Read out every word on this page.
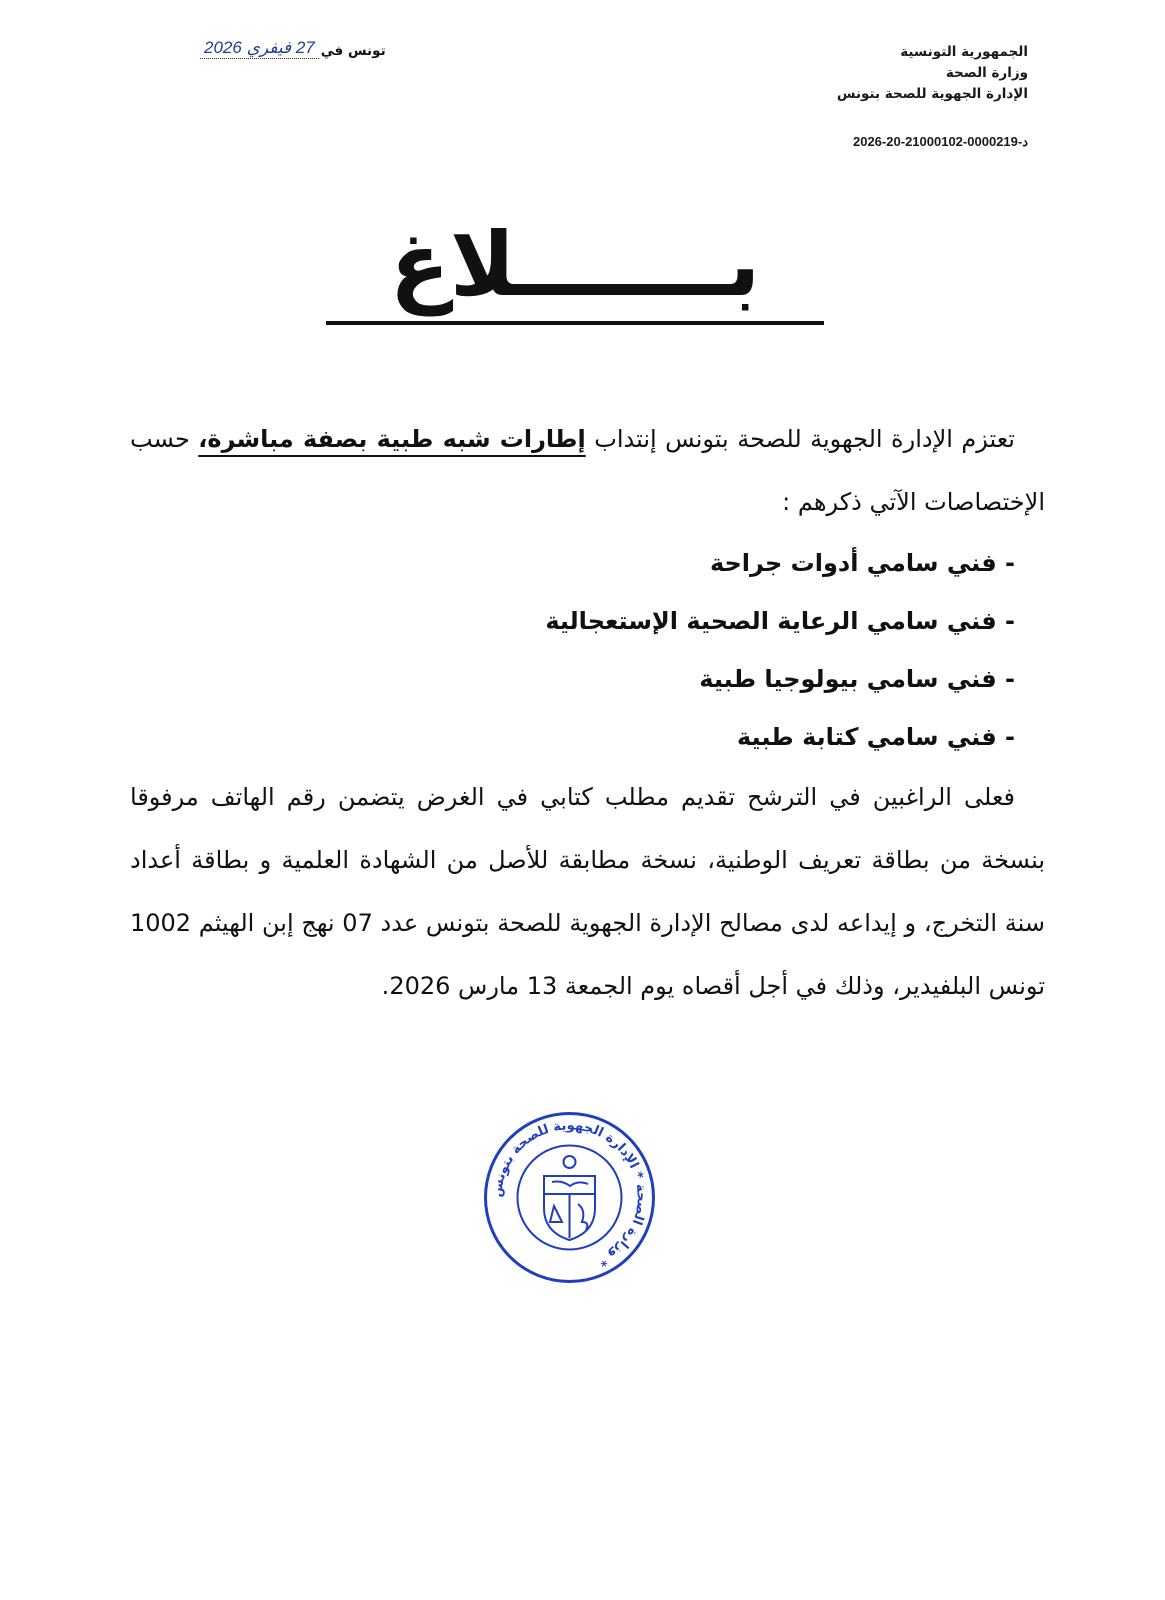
الجمهورية التونسية
وزارة الصحة
الإدارة الجهوية للصحة بتونس
د-0000219-21000102-20-2026
تونس في
27 فيفري 2026
بـــــــلاغ

تعتزم الإدارة الجهوية للصحة بتونس إنتداب إطارات شبه طبية بصفة مباشرة، حسب الإختصاصات الآتي ذكرهم :

- فني سامي أدوات جراحة
- فني سامي الرعاية الصحية الإستعجالية
- فني سامي بيولوجيا طبية
- فني سامي كتابة طبية

فعلى الراغبين في الترشح تقديم مطلب كتابي في الغرض يتضمن رقم الهاتف مرفوقا بنسخة من بطاقة تعريف الوطنية، نسخة مطابقة للأصل من الشهادة العلمية و بطاقة أعداد سنة التخرج، و إيداعه لدى مصالح الإدارة الجهوية للصحة بتونس عدد 07 نهج إبن الهيثم 1002 تونس البلفيدير، وذلك في أجل أقصاه يوم الجمعة 13 مارس 2026.

وزارة الصحة * الإدارة الجهوية للصحة بتونس *
